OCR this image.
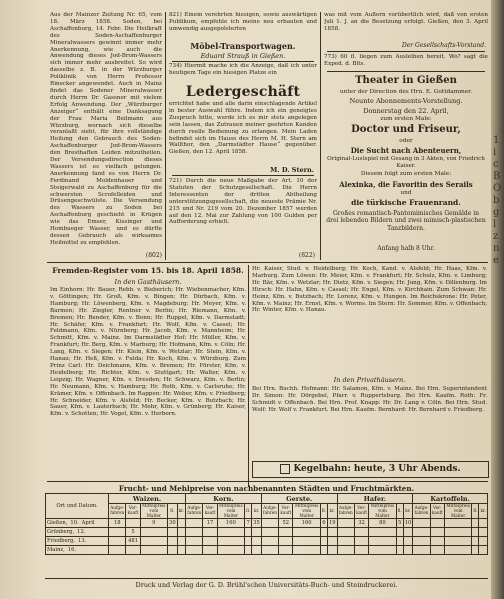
1
i
c
B
O
b
g
l
z
n
e
Aus der Mainzer Zeitung Nr. 65, vom 18. März 1858. Soden, bei Aschaffenburg, 14. Febr. Die Heilkraft des Soden-Aschaffenburger Mineralwassers gewinnt immer mehr Anerkennung, wie auch die Anwendung dieses Jod-Brom-Wassers sich immer mehr ausbreitet. So wird dasselbe z. B. in der Würzburger Poliklinik von Herrn Professor Rinecker angewendet. Auch in Mainz findet das Sodener Mineralwasser durch Herrn Dr. Gassner mit vielem Erfolg Anwendung. Der „Würzburger Anzeiger“ enthält eine Danksagung der Frau Maria Beilmann aus Würzburg, wornach sich dieselbe veranlaßt sieht, für ihre vollständige Heilung den Gebrauch des Soden-Aschaffenburger Jod-Brom-Wassers den Bresthaften Leiden mitzutheilen. Der Versendungsdirection dieses Wassers ist es vielfach gelungen. Anerkennung fand es von Herrn Dr. Ferdinand Moldenhauer und Steigerwald zu Aschaffenburg für die schwersten Scrofelleiden und Drüsengeschwülste. Die Versendung des Wassers zu Soden bei Aschaffenburg geschieht in Krügen wie das Emser, Kissinger und Hombueger Wasser, und es dürfte dessen Gebrauch als wirksames Heilmittel zu empfehlen.
(802)
821) Einem verehrten hiesigen, sowie auswärtigen Publikum, empfehle ich meine neu erbauten und umwendig ausgepolsterten
Möbel-Transportwagen.
Eduard Strauß in Gießen.
734) Hiermit mache ich die Anzeige, daß ich unter heutigem Tage ein hiesigen Platze ein
Ledergeschäft
errichtet habe und alle darin einschlagende Artikel in bester Auswahl führe. Indem ich ein geneigtes Zuspruch bitte, werde ich es mir stets angelegen sein lassen, das Zutrauen meiner geehrten Kunden durch reelle Bedienung zu erlangen. Mein Laden befindet sich im Hause des Herrn M. H. Stern am Wallthor, den „Darmstädter Hause“ gegenüber. Gießen, den 12. April 1858.
M. D. Stern.
721) Durch die neue Maßgabe der Art. 10 der Statuten der Schutzgesellschaft. Die Herrn Interessenten der dritten Abtheilung unterstützungsgesellschaft, die neueste Prämie Nr. 215 und Nr. 219 vom 20. Dezember 1857 werden auf den 12. Mai zur Zahlung von 100 Gulden per Aufforderung erhielt.
(822)
was mit vom Außern vorübertlich wird, daß von ersten Juli 1. J. an die Besetzung erfolgt. Gießen, den 3. April 1858.
Der Gesellschafts-Vorstand.
773) 60 fl. liegen zum Ausleihen bereit. Wo? sagt die Exped. d. Blts.
Theater in Gießen
unter der Direction des Hrn. E. Gottdammer.
Neunte Abonnements-Vorstellung.
Donnerstag den 22. April,
zum ersten Male:
Doctor und Friseur,
oder
Die Sucht nach Abenteuern,
Original-Lustspiel mit Gesang in 3 Akten, von Friedrich Kaiser.
Diesem folgt zum ersten Male:
Alexinka, die Favoritin des Serails
und
die türkische Frauenrand.
Großes romantisch-Pantomimisches Gemälde in drei lebenden Bildern und zwei mimisch-plastischen Tanzbildern.
Anfang halb 8 Uhr.
Fremden-Register vom 15. bis 18. April 1858.
In den Gasthäusern.
Im Einhorn: Hr. Bauer, Rebb. v. Bieberich; Hr. Wiebenmacher, Kfm. v. Göttingen; Hr. Groß, Kfm. v. Bingen; Hr. Dürbach, Kfm. v. Hamburg; Hr. Löwenberg, Kfm. v. Magdeburg; Hr. Meyer, Kfm. v. Barmen; Hr. Ziegler, Rentner v. Berlin; Hr. Riemann, Kfm. v. Bremen; Hr. Bender, Kfm. v. Bonn; Hr. Ruppel, Kfm. v. Darmstadt; Hr. Schäfer, Kfm. v. Frankfurt; Hr. Wolf, Kfm. v. Cassel; Hr. Feldmann, Kfm. v. Nürnberg; Hr. Jacob, Kfm. v. Mannheim; Hr. Schmitt, Kfm. v. Mainz. Im Darmstädter Hof: Hr. Müller, Kfm. v. Frankfurt; Hr. Berg, Kfm. v. Marburg; Hr. Hofmann, Kfm. v. Cöln; Hr. Lang, Kfm. v. Siegen; Hr. Klein, Kfm. v. Wetzlar; Hr. Stein, Kfm. v. Hanau; Hr. Heß, Kfm. v. Fulda; Hr. Koch, Kfm. v. Würzburg. Zum Prinz Carl: Hr. Deichmann, Kfm. v. Bremen; Hr. Förster, Kfm. v. Heidelberg; Hr. Richter, Kfm. v. Stuttgart; Hr. Walter, Kfm. v. Leipzig; Hr. Wagner, Kfm. v. Dresden; Hr. Schwarz, Kfm. v. Berlin; Hr. Neumann, Kfm. v. Hamburg; Hr. Roth, Kfm. v. Carlsruhe; Hr. Krämer, Kfm. v. Offenbach. Im Rappen: Hr. Weber, Kfm. v. Friedberg; Hr. Schneider, Kfm. v. Alsfeld; Hr. Becker, Kfm. v. Butzbach; Hr. Sauer, Kfm. v. Lauterbach; Hr. Mohr, Kfm. v. Grünberg; Hr. Kaiser, Kfm. v. Schotten; Hr. Vogel, Kfm. v. Herborn.
Hr. Kaiser, Stud. v. Heidelberg; Hr. Koch, Kand. v. Alsfeld; Hr. Haas, Kfm. v. Marburg. Zum Löwen: Hr. Meier, Kfm. v. Frankfurt; Hr. Schulz, Kfm. v. Limburg; Hr. Bär, Kfm. v. Wetzlar; Hr. Dietz, Kfm. v. Siegen; Hr. Jung, Kfm. v. Dillenburg. Im Hirsch: Hr. Hahn, Kfm. v. Cassel; Hr. Engel, Kfm. v. Kirchhain. Zum Schwan: Hr. Heinz, Kfm. v. Butzbach; Hr. Lorenz, Kfm. v. Hungen. Im Reichskrone: Hr. Peter, Kfm. v. Mainz; Hr. Ernst, Kfm. v. Worms. Im Stern: Hr. Sommer, Kfm. v. Offenbach; Hr. Winter, Kfm. v. Hanau.
In den Privathäusern.
Bei Hrn. Buchh. Hofmann: Hr. Salamon, Kfm. v. Mainz. Bei Hrn. Superintendent Dr. Simon: Hr. Dörgebel, Pfarr. v. Ruppertsburg. Bei Hrn. Kaufm. Roth: Fr. Schmidt v. Offenbach. Bei Hrn. Prof. Knapp: Hr. Dr. Lang v. Cöln. Bei Hrn. Stud. Wolf: Hr. Wolf v. Frankfurt. Bei Hrn. Kaufm. Bernhard: Hr. Bernhard v. Friedberg.
Kegelbahn: heute, 3 Uhr Abends.
Frucht- und Mehlpreise von nachbenannten Städten und Fruchtmärkten.
Ort und Datum.	Waizen.					Korn.					Gerste.					Hafer.					Kartoffeln.				
	Aufge-fahren	Ver-kauft	Mittelpreis vom Malter	fl.	kr.	Aufge-fahren	Ver-kauft	Mittelpreis vom Malter	fl.	kr.	Aufge-fahren	Ver-kauft	Mittelpreis vom Malter	fl.	kr.	Aufge-fahren	Ver-kauft	Mittelpreis vom Malter	fl.	kr.	Aufge-fahren	Ver-kauft	Mittelpreis vom Malter	fl.	kr.
Gießen, 10. April	18		9	30			17	160	7	35		52	160	6	19		32	80	5	10					
Grünberg, 12.		5																							
Friedberg, 13.		481																							
Mainz, 16.																									
Druck und Verlag der G. D. Brühl'schen Universitäts-Buch- und Steindruckerei.
